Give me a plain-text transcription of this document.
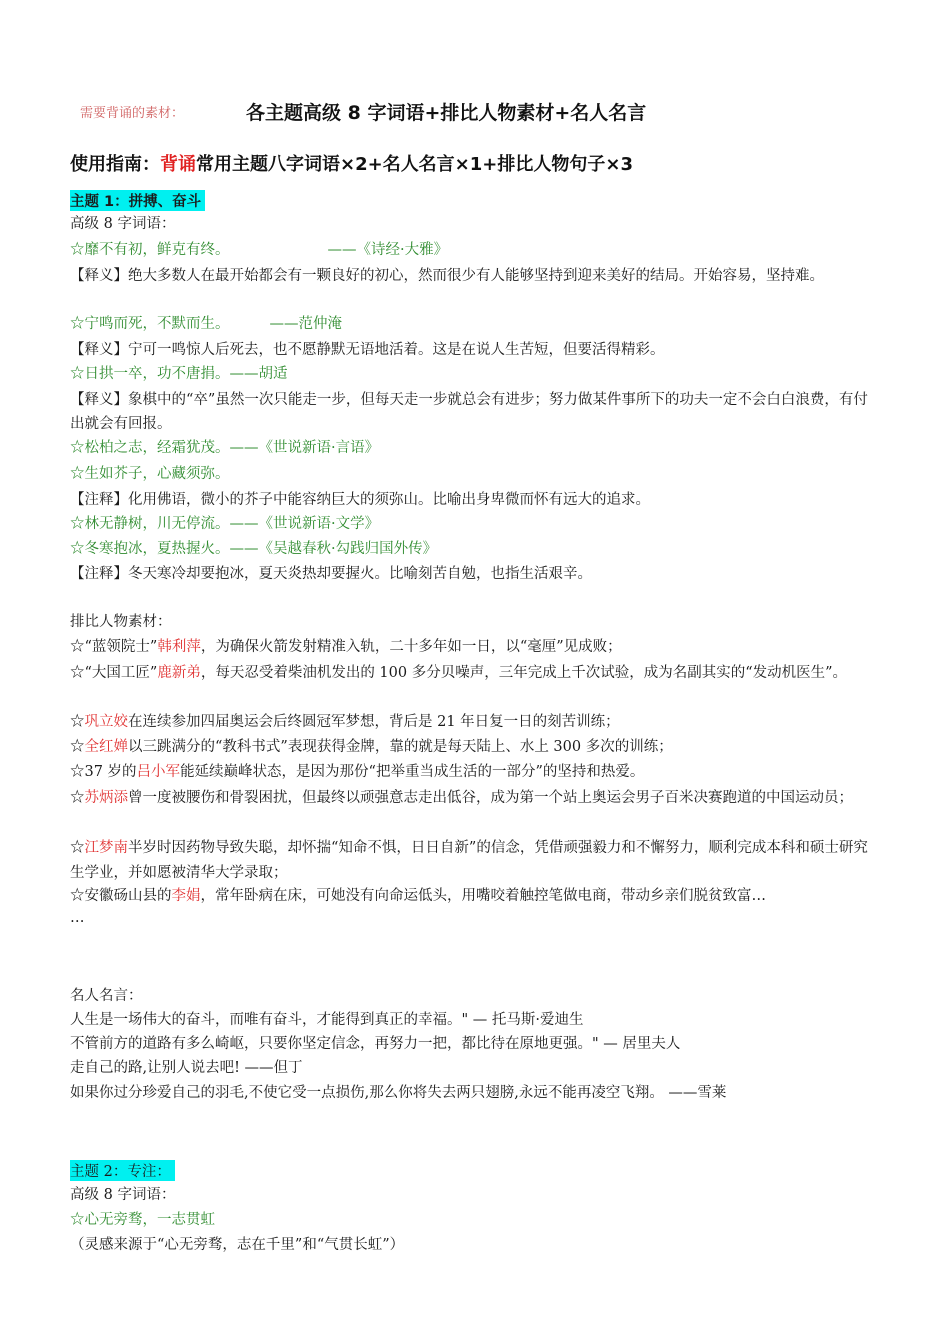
需要背诵的素材：	各主题高级 8 字词语+排比人物素材+名人名言
使用指南：背诵常用主题八字词语×2+名人名言×1+排比人物句子×3
主题 1：拼搏、奋斗
高级 8 字词语：
☆靡不有初，鲜克有终。	——《诗经·大雅》
【释义】绝大多数人在最开始都会有一颗良好的初心，然而很少有人能够坚持到迎来美好的结局。开始容易，坚持难。
☆宁鸣而死，不默而生。	——范仲淹
【释义】宁可一鸣惊人后死去，也不愿静默无语地活着。这是在说人生苦短，但要活得精彩。
☆日拱一卒，功不唐捐。——胡适
【释义】象棋中的“卒”虽然一次只能走一步，但每天走一步就总会有进步；努力做某件事所下的功夫一定不会白白浪费，有付出就会有回报。
☆松柏之志，经霜犹茂。——《世说新语·言语》
☆生如芥子，心藏须弥。
【注释】化用佛语，微小的芥子中能容纳巨大的须弥山。比喻出身卑微而怀有远大的追求。
☆林无静树，川无停流。——《世说新语·文学》
☆冬寒抱冰，夏热握火。——《吴越春秋·勾践归国外传》
【注释】冬天寒冷却要抱冰，夏天炎热却要握火。比喻刻苦自勉，也指生活艰辛。
排比人物素材：
☆“蓝领院士”韩利萍，为确保火箭发射精准入轨，二十多年如一日，以“毫厘”见成败；
☆“大国工匠”鹿新弟，每天忍受着柴油机发出的 100 多分贝噪声，三年完成上千次试验，成为名副其实的“发动机医生”。
☆巩立姣在连续参加四届奥运会后终圆冠军梦想，背后是 21 年日复一日的刻苦训练；
☆全红婵以三跳满分的“教科书式”表现获得金牌，靠的就是每天陆上、水上 300 多次的训练；
☆37 岁的吕小军能延续巅峰状态，是因为那份“把举重当成生活的一部分”的坚持和热爱。
☆苏炳添曾一度被腰伤和骨裂困扰，但最终以顽强意志走出低谷，成为第一个站上奥运会男子百米决赛跑道的中国运动员；
☆江梦南半岁时因药物导致失聪，却怀揣“知命不惧，日日自新”的信念，凭借顽强毅力和不懈努力，顺利完成本科和硕士研究生学业，并如愿被清华大学录取；
☆安徽砀山县的李娟，常年卧病在床，可她没有向命运低头，用嘴咬着触控笔做电商，带动乡亲们脱贫致富…
…
名人名言：
人生是一场伟大的奋斗，而唯有奋斗，才能得到真正的幸福。" — 托马斯·爱迪生
不管前方的道路有多么崎岖，只要你坚定信念，再努力一把，都比待在原地更强。" — 居里夫人
走自己的路,让别人说去吧! ——但丁
如果你过分珍爱自己的羽毛,不使它受一点损伤,那么你将失去两只翅膀,永远不能再凌空飞翔。 ——雪莱
主题 2：专注：
高级 8 字词语：
☆心无旁骛，一志贯虹
（灵感来源于“心无旁骛，志在千里”和“气贯长虹”）
